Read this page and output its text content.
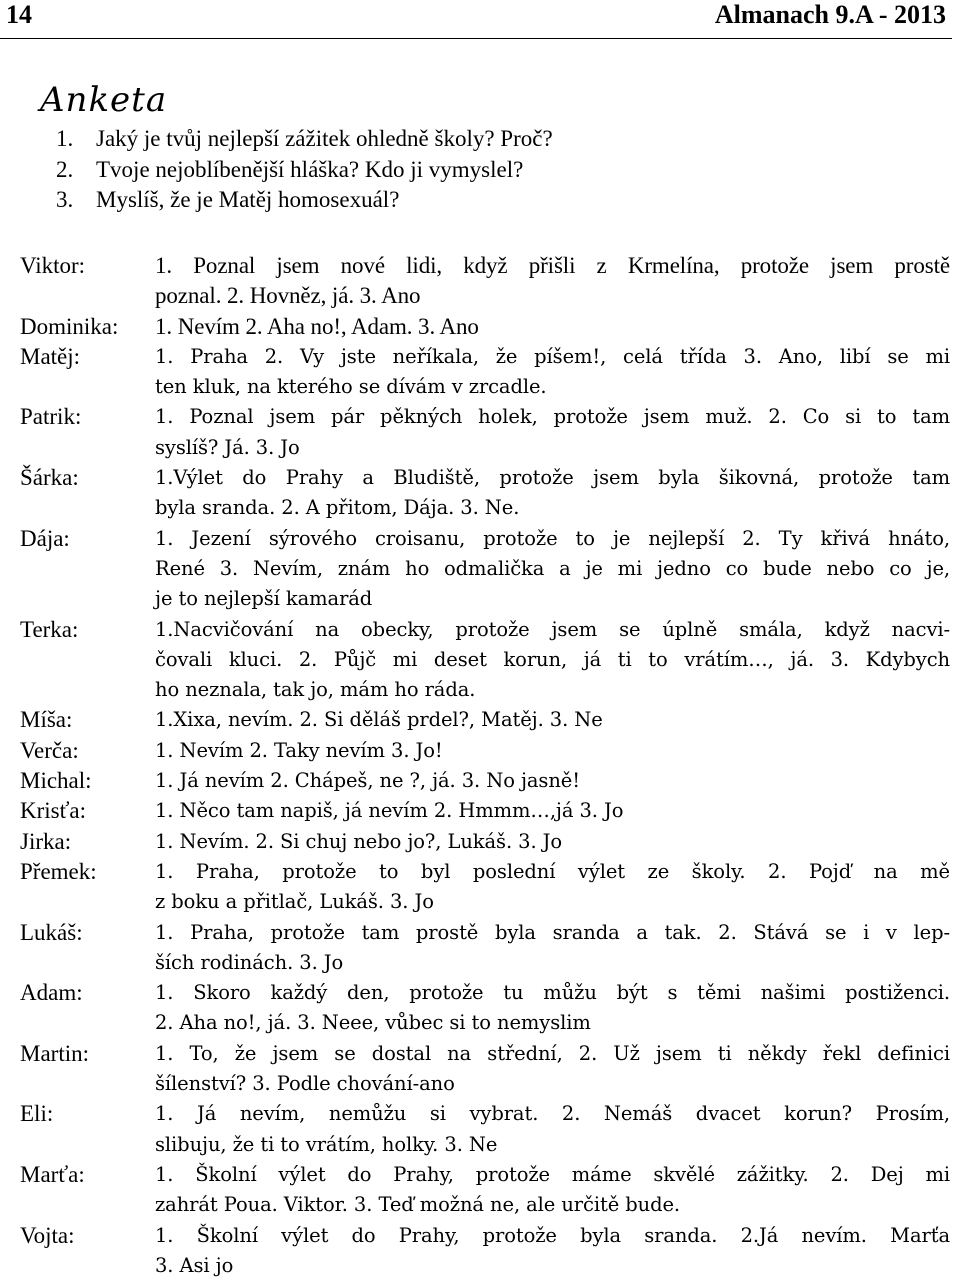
14	Almanach 9.A - 2013
Anketa
1. Jaký je tvůj nejlepší zážitek ohledně školy? Proč?
2. Tvoje nejoblíbenější hláška? Kdo ji vymyslel?
3. Myslíš, že je Matěj homosexuál?
Viktor:	1. Poznal jsem nové lidi, když přišli z Krmelína, protože jsem prostě
poznal. 2. Hovněz, já. 3. Ano
Dominika:	1. Nevím 2. Aha no!, Adam. 3. Ano
Matěj:	1. Praha 2. Vy jste neříkala, že píšem!, celá třída 3. Ano, libí se mi
ten kluk, na kterého se dívám v zrcadle.
Patrik:	1. Poznal jsem pár pěkných holek, protože jsem muž. 2. Co si to tam
syslíš? Já. 3. Jo
Šárka:	1.Výlet do Prahy a Bludiště, protože jsem byla šikovná, protože tam
byla sranda. 2. A přitom, Dája. 3. Ne.
Dája:	1. Jezení sýrového croisanu, protože to je nejlepší 2. Ty křivá hnáto,
René 3. Nevím, znám ho odmalička a je mi jedno co bude nebo co je,
je to nejlepší kamarád
Terka:	1.Nacvičování na obecky, protože jsem se úplně smála, když nacvi-
čovali kluci. 2. Půjč mi deset korun, já ti to vrátím…, já. 3. Kdybych
ho neznala, tak jo, mám ho ráda.
Míša:	1.Xixa, nevím. 2. Si děláš prdel?, Matěj. 3. Ne
Verča:	1. Nevím 2. Taky nevím 3. Jo!
Michal:	1. Já nevím 2. Chápeš, ne ?, já. 3. No jasně!
Krisťa:	1. Něco tam napiš, já nevím 2. Hmmm…,já 3. Jo
Jirka:	1. Nevím. 2. Si chuj nebo jo?, Lukáš. 3. Jo
Přemek:	1. Praha, protože to byl poslední výlet ze školy. 2. Pojď na mě
z boku a přitlač, Lukáš. 3. Jo
Lukáš:	1. Praha, protože tam prostě byla sranda a tak. 2. Stává se i v lep-
ších rodinách. 3. Jo
Adam:	1. Skoro každý den, protože tu můžu být s těmi našimi postiženci.
2. Aha no!, já. 3. Neee, vůbec si to nemyslim
Martin:	1. To, že jsem se dostal na střední, 2. Už jsem ti někdy řekl definici
šílenství? 3. Podle chování-ano
Eli:	1. Já nevím, nemůžu si vybrat. 2. Nemáš dvacet korun? Prosím,
slibuju, že ti to vrátím, holky. 3. Ne
Marťa:	1. Školní výlet do Prahy, protože máme skvělé zážitky. 2. Dej mi
zahrát Poua. Viktor. 3. Teď možná ne, ale určitě bude.
Vojta:	1. Školní výlet do Prahy, protože byla sranda. 2.Já nevím. Marťa
3. Asi jo
